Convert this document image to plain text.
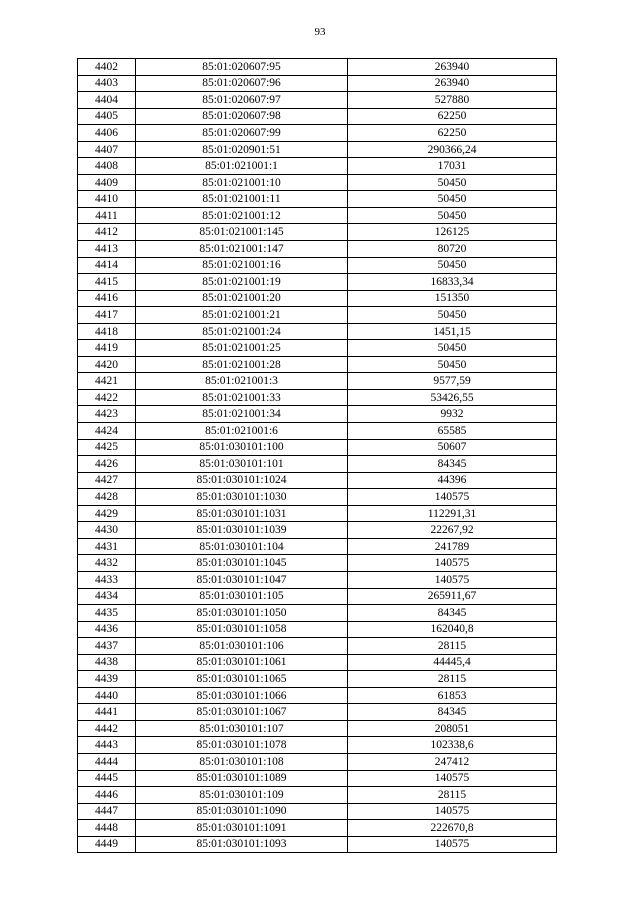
93
4402	85:01:020607:95	263940
4403	85:01:020607:96	263940
4404	85:01:020607:97	527880
4405	85:01:020607:98	62250
4406	85:01:020607:99	62250
4407	85:01:020901:51	290366,24
4408	85:01:021001:1	17031
4409	85:01:021001:10	50450
4410	85:01:021001:11	50450
4411	85:01:021001:12	50450
4412	85:01:021001:145	126125
4413	85:01:021001:147	80720
4414	85:01:021001:16	50450
4415	85:01:021001:19	16833,34
4416	85:01:021001:20	151350
4417	85:01:021001:21	50450
4418	85:01:021001:24	1451,15
4419	85:01:021001:25	50450
4420	85:01:021001:28	50450
4421	85:01:021001:3	9577,59
4422	85:01:021001:33	53426,55
4423	85:01:021001:34	9932
4424	85:01:021001:6	65585
4425	85:01:030101:100	50607
4426	85:01:030101:101	84345
4427	85:01:030101:1024	44396
4428	85:01:030101:1030	140575
4429	85:01:030101:1031	112291,31
4430	85:01:030101:1039	22267,92
4431	85:01:030101:104	241789
4432	85:01:030101:1045	140575
4433	85:01:030101:1047	140575
4434	85:01:030101:105	265911,67
4435	85:01:030101:1050	84345
4436	85:01:030101:1058	162040,8
4437	85:01:030101:106	28115
4438	85:01:030101:1061	44445,4
4439	85:01:030101:1065	28115
4440	85:01:030101:1066	61853
4441	85:01:030101:1067	84345
4442	85:01:030101:107	208051
4443	85:01:030101:1078	102338,6
4444	85:01:030101:108	247412
4445	85:01:030101:1089	140575
4446	85:01:030101:109	28115
4447	85:01:030101:1090	140575
4448	85:01:030101:1091	222670,8
4449	85:01:030101:1093	140575
